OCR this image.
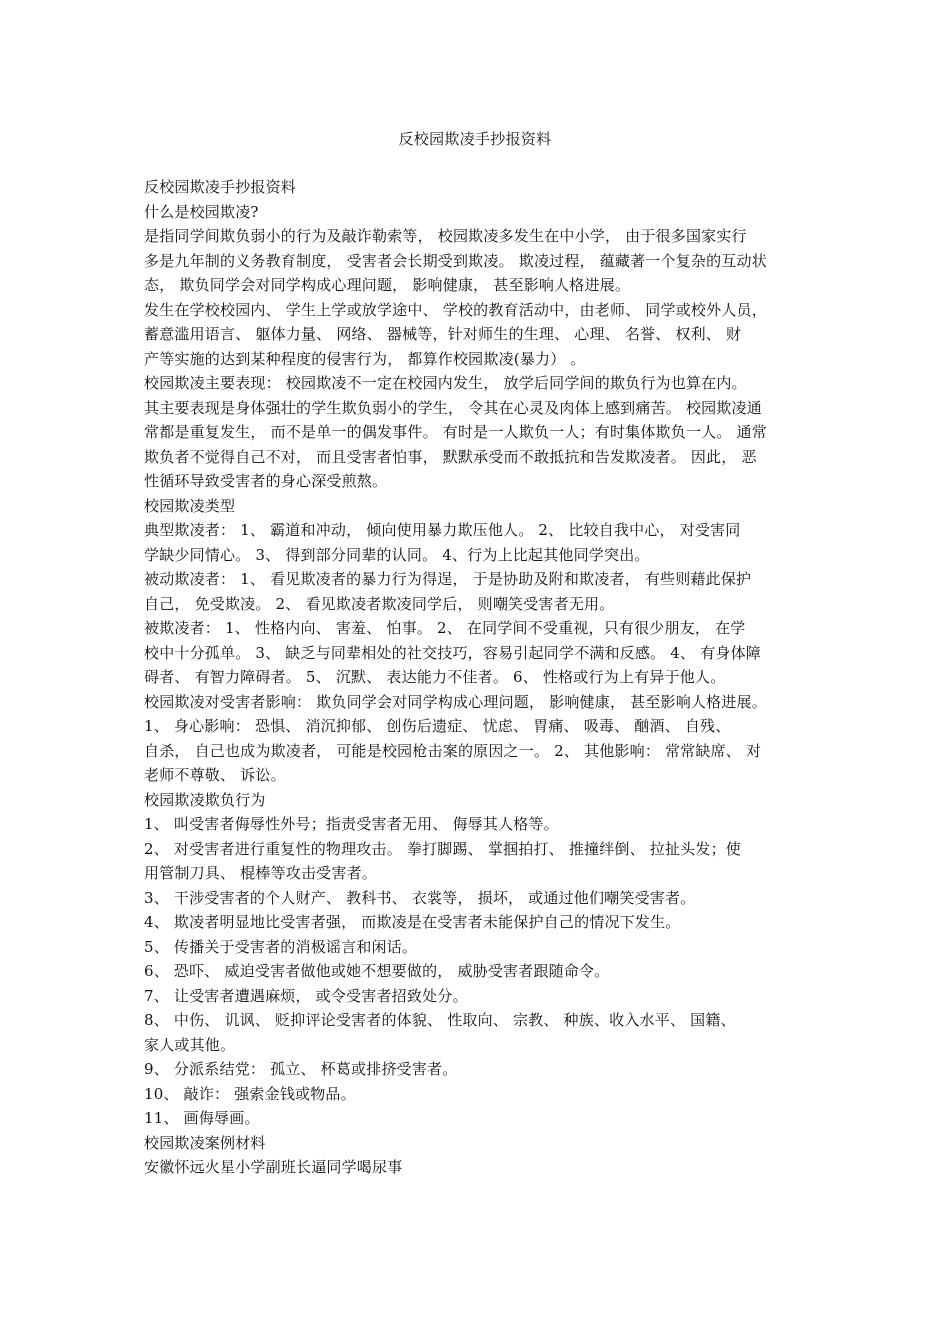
反校园欺凌手抄报资料
反校园欺凌手抄报资料
什么是校园欺凌?
是指同学间欺负弱小的行为及敲诈勒索等， 校园欺凌多发生在中小学， 由于很多国家实行
多是九年制的义务教育制度， 受害者会长期受到欺凌。 欺凌过程， 蕴藏著一个复杂的互动状
态， 欺负同学会对同学构成心理问题， 影响健康， 甚至影响人格进展。
发生在学校校园内、 学生上学或放学途中、 学校的教育活动中，由老师、 同学或校外人员，
蓄意滥用语言、 躯体力量、 网络、 器械等，针对师生的生理、 心理、 名誉、 权利、 财
产等实施的达到某种程度的侵害行为， 都算作校园欺凌(暴力） 。
校园欺凌主要表现： 校园欺凌不一定在校园内发生， 放学后同学间的欺负行为也算在内。
其主要表现是身体强壮的学生欺负弱小的学生， 令其在心灵及肉体上感到痛苦。 校园欺凌通
常都是重复发生， 而不是单一的偶发事件。 有时是一人欺负一人；有时集体欺负一人。 通常
欺负者不觉得自己不对， 而且受害者怕事， 默默承受而不敢抵抗和告发欺凌者。 因此， 恶
性循环导致受害者的身心深受煎熬。
校园欺凌类型
典型欺凌者： 1、 霸道和冲动， 倾向使用暴力欺压他人。 2、 比较自我中心， 对受害同
学缺少同情心。 3、 得到部分同辈的认同。 4、行为上比起其他同学突出。
被动欺凌者： 1、 看见欺凌者的暴力行为得逞， 于是协助及附和欺凌者， 有些则藉此保护
自己， 免受欺凌。 2、 看见欺凌者欺凌同学后， 则嘲笑受害者无用。
被欺凌者： 1、 性格内向、 害羞、 怕事。 2、 在同学间不受重视，只有很少朋友， 在学
校中十分孤单。 3、 缺乏与同辈相处的社交技巧，容易引起同学不满和反感。 4、 有身体障
碍者、 有智力障碍者。 5、 沉默、 表达能力不佳者。 6、 性格或行为上有异于他人。
校园欺凌对受害者影响： 欺负同学会对同学构成心理问题， 影响健康， 甚至影响人格进展。
1、 身心影响： 恐惧、 消沉抑郁、 创伤后遗症、 忧虑、 胃痛、 吸毒、 酗酒、 自残、
自杀， 自己也成为欺凌者， 可能是校园枪击案的原因之一。 2、 其他影响： 常常缺席、 对
老师不尊敬、 诉讼。
校园欺凌欺负行为
1、 叫受害者侮辱性外号；指责受害者无用、 侮辱其人格等。
2、 对受害者进行重复性的物理攻击。 拳打脚踢、 掌掴拍打、 推撞绊倒、 拉扯头发；使
用管制刀具、 棍棒等攻击受害者。
3、 干涉受害者的个人财产、 教科书、 衣裳等， 损坏， 或通过他们嘲笑受害者。
4、 欺凌者明显地比受害者强， 而欺凌是在受害者未能保护自己的情况下发生。
5、 传播关于受害者的消极谣言和闲话。
6、 恐吓、 威迫受害者做他或她不想要做的， 威胁受害者跟随命令。
7、 让受害者遭遇麻烦， 或令受害者招致处分。
8、 中伤、 讥讽、 贬抑评论受害者的体貌、 性取向、 宗教、 种族、收入水平、 国籍、
家人或其他。
9、 分派系结党： 孤立、 杯葛或排挤受害者。
10、 敲诈： 强索金钱或物品。
11、 画侮辱画。
校园欺凌案例材料
安徽怀远火星小学副班长逼同学喝尿事
